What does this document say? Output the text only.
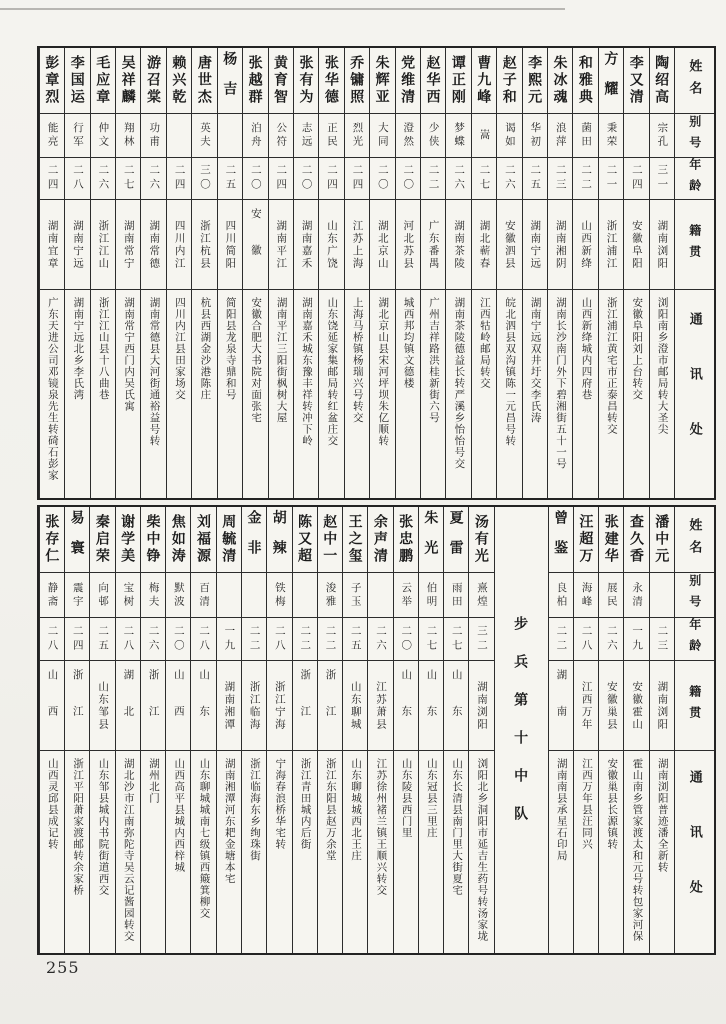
姓名
别号
年龄
籍贯
通讯处
陶绍高
宗孔
三一
湖南浏阳
浏阳南乡澄市邮局转大圣尖
李又清
二四
安徽阜阳
安徽阜阳刘上台转交
方耀
秉荣
二一
浙江浦江
浙江浦江黄宅市正泰昌转交
和雅典
菌田
二二
山西新绛
山西新绛城内四府巷
朱冰魂
浪萍
二三
湖南湘阴
湖南长沙南门外下碧湘街五十一号
李熙元
华初
二五
湖南宁远
湖南宁远双井圩交李氏涛
赵子和
谒如
二六
安徽泗县
皖北泗县双沟镇陈一元昌号转
曹九峰
嵩
二七
湖北蕲春
江西牯岭邮局转交
谭正刚
梦蝶
二六
湖南茶陵
湖南茶陵德益长转严溪乡怡怡号交
赵华西
少侠
二二
广东番禺
广州吉祥路洪桂新街六号
党维清
澄然
二〇
河北苏县
城西邦均镇文德楼
朱辉亚
大同
二〇
湖北京山
湖北京山县宋河坪坝朱亿顺转
乔镛照
烈光
二四
江苏上海
上海马桥镇杨瑞兴号转交
张华德
正民
二四
山东广饶
山东饶延家集邮局转红盆庄交
张有为
志远
二〇
湖南嘉禾
湖南嘉禾城东豫丰祥转冲下岭
黄育智
公符
二四
湖南平江
湖南平江三阳街枫树大屋
张越群
泊舟
二〇
安徽
安徽合肥大书院对面张宅
杨吉
二五
四川简阳
简阳县龙泉寺鼎和号
唐世杰
英夫
三〇
浙江杭县
杭县西湖金沙港陈庄
赖兴乾
二四
四川内江
四川内江县田家场交
游召棠
功甫
二六
湖南常德
湖南常德县大河街通裕益号转
吴祥麟
翔林
二七
湖南常宁
湖南常宁西门内吴氏寓
毛应章
仲文
二六
浙江江山
浙江江山县十八曲巷
李国运
行军
二八
湖南宁远
湖南宁远北乡李氏湾
彭章烈
能亮
二四
湖南宜章
广东天进公司邓镜泉先生转碕石彭家
姓名
别号
年龄
籍贯
通讯处
潘中元
二三
湖南浏阳
湖南浏阳普迹潘全新转
查久香
永清
一九
安徽霍山
霍山南乡管家渡太和元号转包家河保
张建华
展民
二六
安徽巢县
安徽巢县长源镇转
汪超万
海峰
二八
江西万年
江西万年县汪同兴
曾鉴
良柏
二二
湖南
湖南南县承星石印局
步兵第十中队
汤有光
熹煌
三二
湖南浏阳
浏阳北乡洞阳市延吉生药号转汤家垅
夏雷
雨田
二七
山东
山东长清县南门里大街夏宅
朱光
伯明
二七
山东
山东冠县三里庄
张忠鹏
云举
二〇
山东
山东陵县西门里
余声清
二六
江苏萧县
江苏徐州褚兰镇王顺兴转交
王之玺
子玉
二五
山东聊城
山东聊城城西北王庄
赵中一
浚雅
二二
浙江
浙江东阳县赵万余堂
陈又超
二二
浙江
浙江青田城内后街
胡辣
铁梅
二八
浙江宁海
宁海春浪桥华宅转
金非
二二
浙江临海
浙江临海东乡绚珠街
周毓清
一九
湖南湘潭
湖南湘潭河东耙金塘本宅
刘福源
百清
二八
山东
山东聊城城南七级镇西簸箕柳交
焦如涛
默波
二〇
山西
山西高平县城内西梓城
柴中铮
梅夫
二六
浙江
湖州北门
谢学美
宝树
二八
湖北
湖北沙市江南弥陀寺吴云记酱园转交
秦启荣
向邨
二五
山东邹县
山东邹县城内书院街道西交
易寰
震宇
二四
浙江
浙江平阳萧家渡邮转余家桥
张存仁
静斋
二八
山西
山西灵邱县成记转
255
